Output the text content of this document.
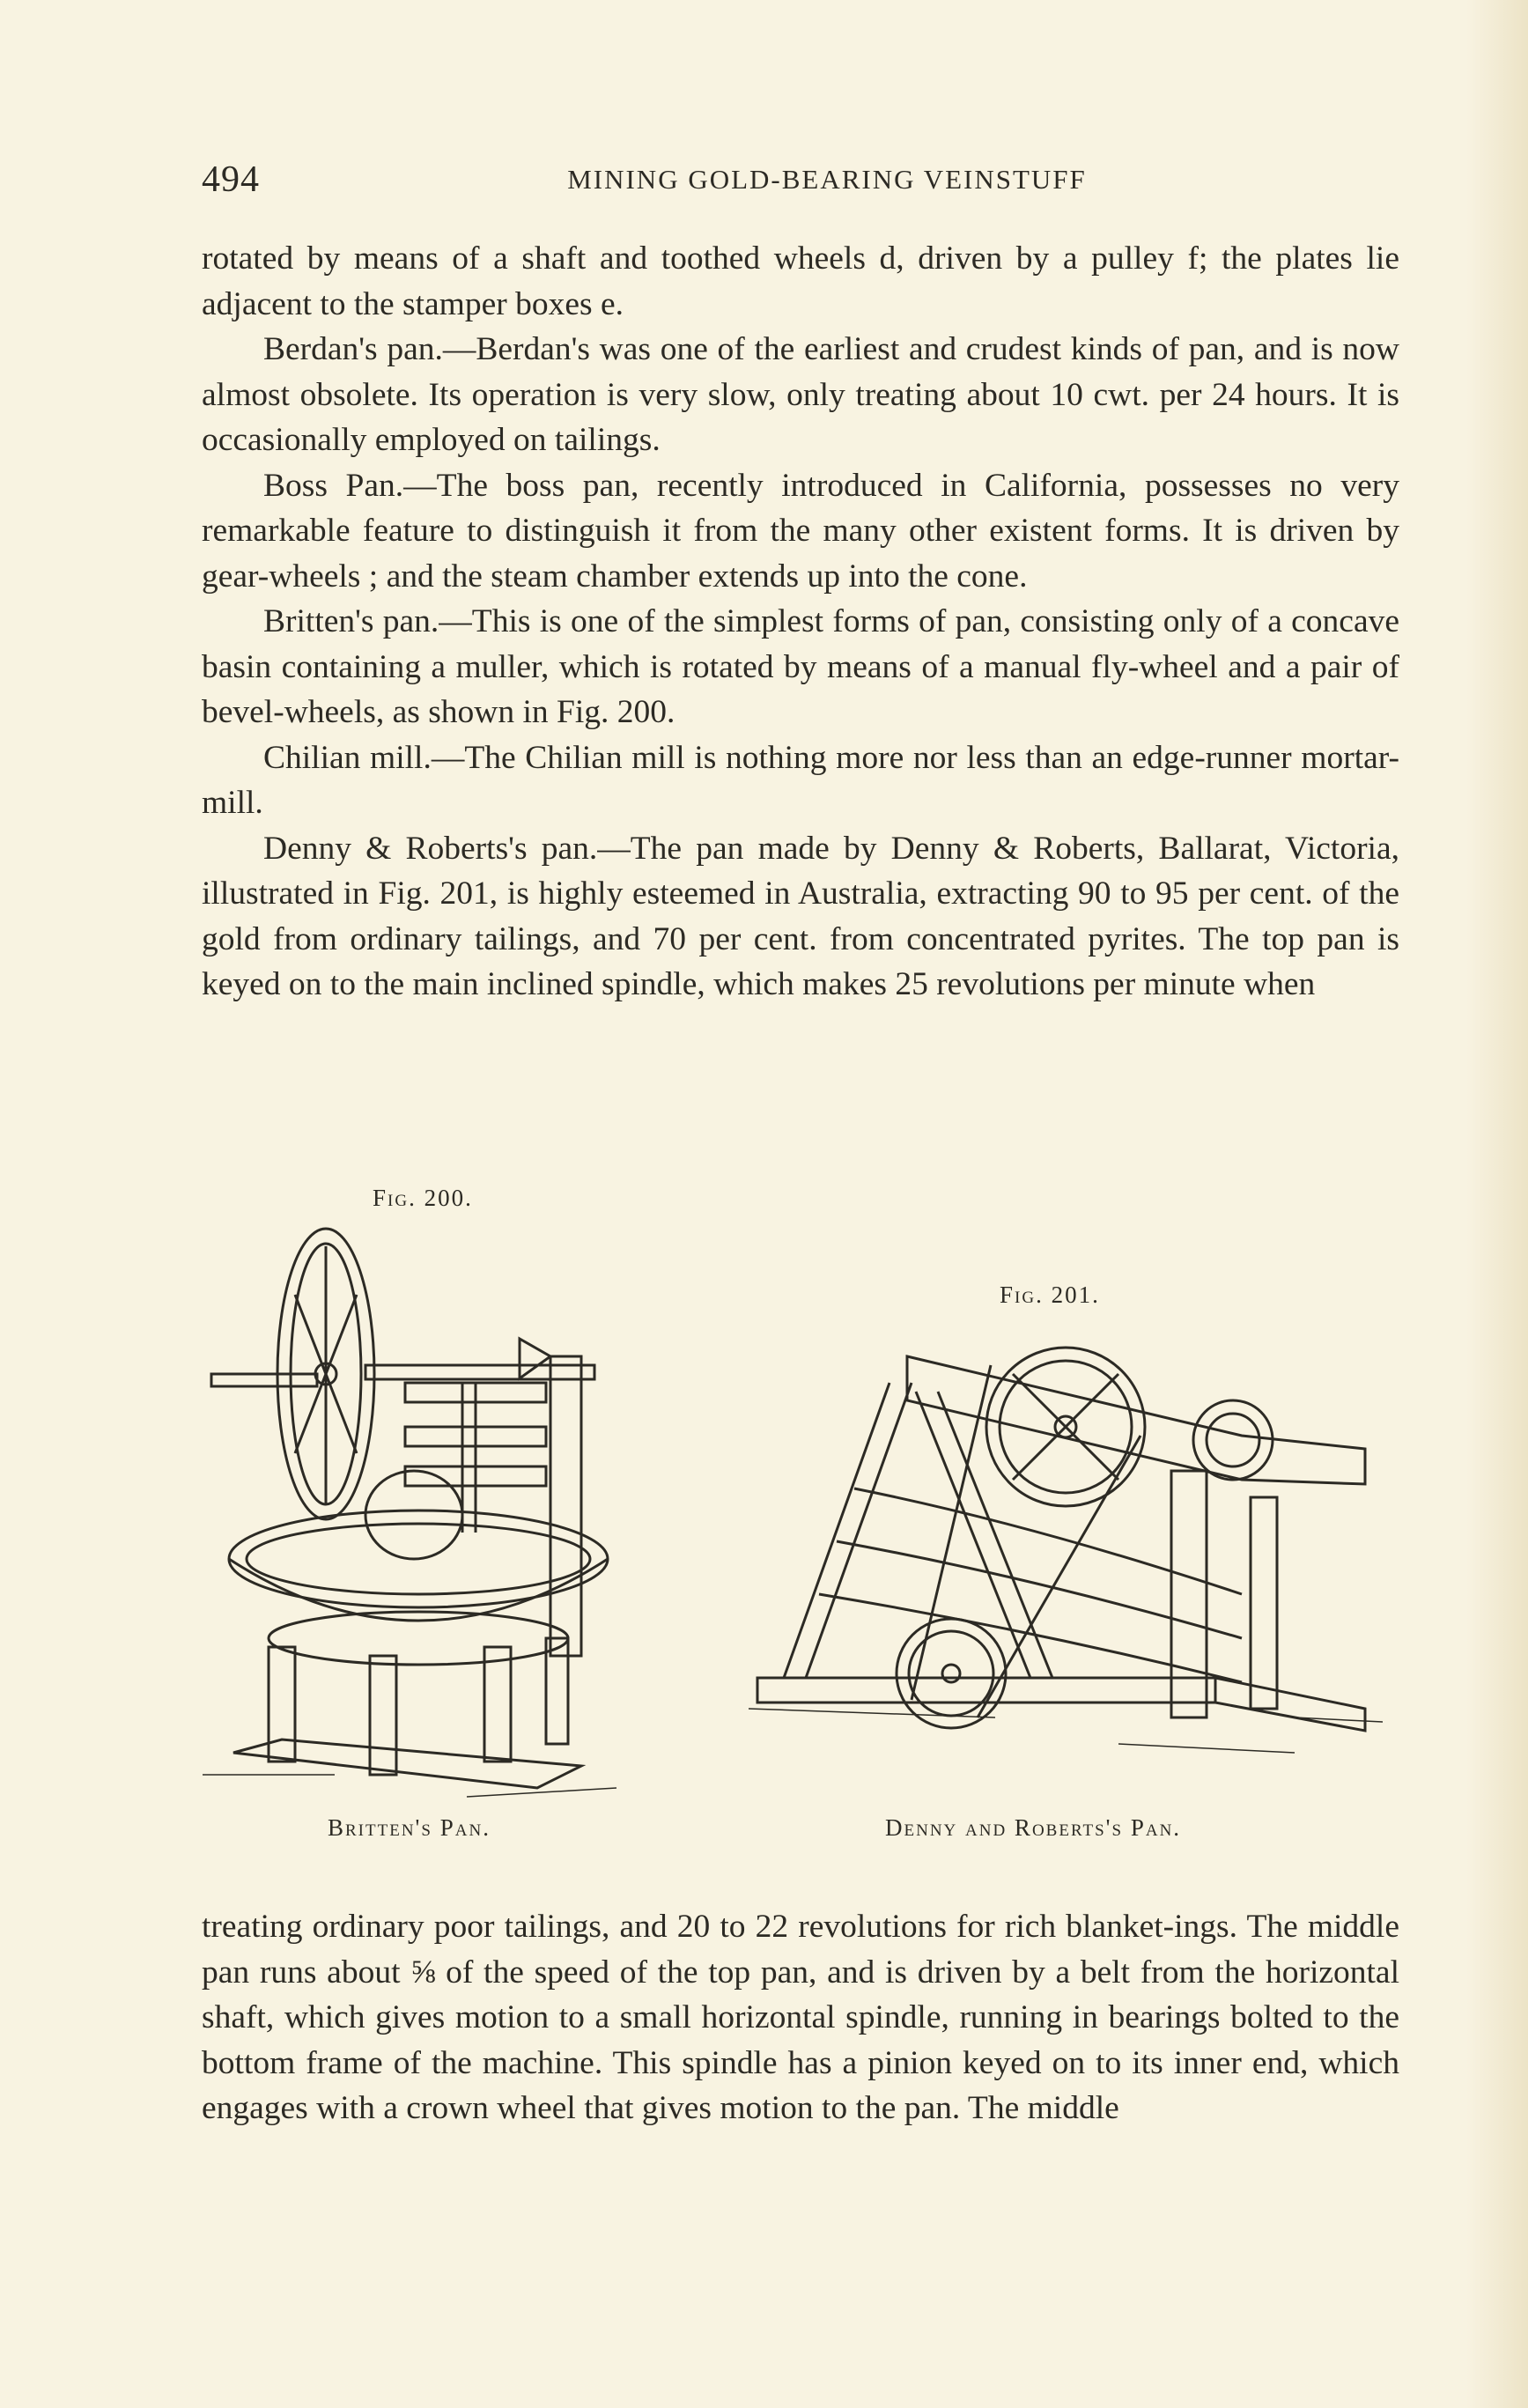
494	MINING GOLD-BEARING VEINSTUFF

rotated by means of a shaft and toothed wheels d, driven by a pulley f; the plates lie adjacent to the stamper boxes e.

Berdan's pan.—Berdan's was one of the earliest and crudest kinds of pan, and is now almost obsolete. Its operation is very slow, only treating about 10 cwt. per 24 hours. It is occasionally employed on tailings.

Boss Pan.—The boss pan, recently introduced in California, possesses no very remarkable feature to distinguish it from the many other existent forms. It is driven by gear-wheels ; and the steam chamber extends up into the cone.

Britten's pan.—This is one of the simplest forms of pan, consisting only of a concave basin containing a muller, which is rotated by means of a manual fly-wheel and a pair of bevel-wheels, as shown in Fig. 200.

Chilian mill.—The Chilian mill is nothing more nor less than an edge-runner mortar-mill.

Denny & Roberts's pan.—The pan made by Denny & Roberts, Ballarat, Victoria, illustrated in Fig. 201, is highly esteemed in Australia, extracting 90 to 95 per cent. of the gold from ordinary tailings, and 70 per cent. from concentrated pyrites. The top pan is keyed on to the main inclined spindle, which makes 25 revolutions per minute when

Fig. 200.
Britten's Pan.
Fig. 201.
Denny and Roberts's Pan.

treating ordinary poor tailings, and 20 to 22 revolutions for rich blanket-ings. The middle pan runs about ⅝ of the speed of the top pan, and is driven by a belt from the horizontal shaft, which gives motion to a small horizontal spindle, running in bearings bolted to the bottom frame of the machine. This spindle has a pinion keyed on to its inner end, which engages with a crown wheel that gives motion to the pan. The middle
